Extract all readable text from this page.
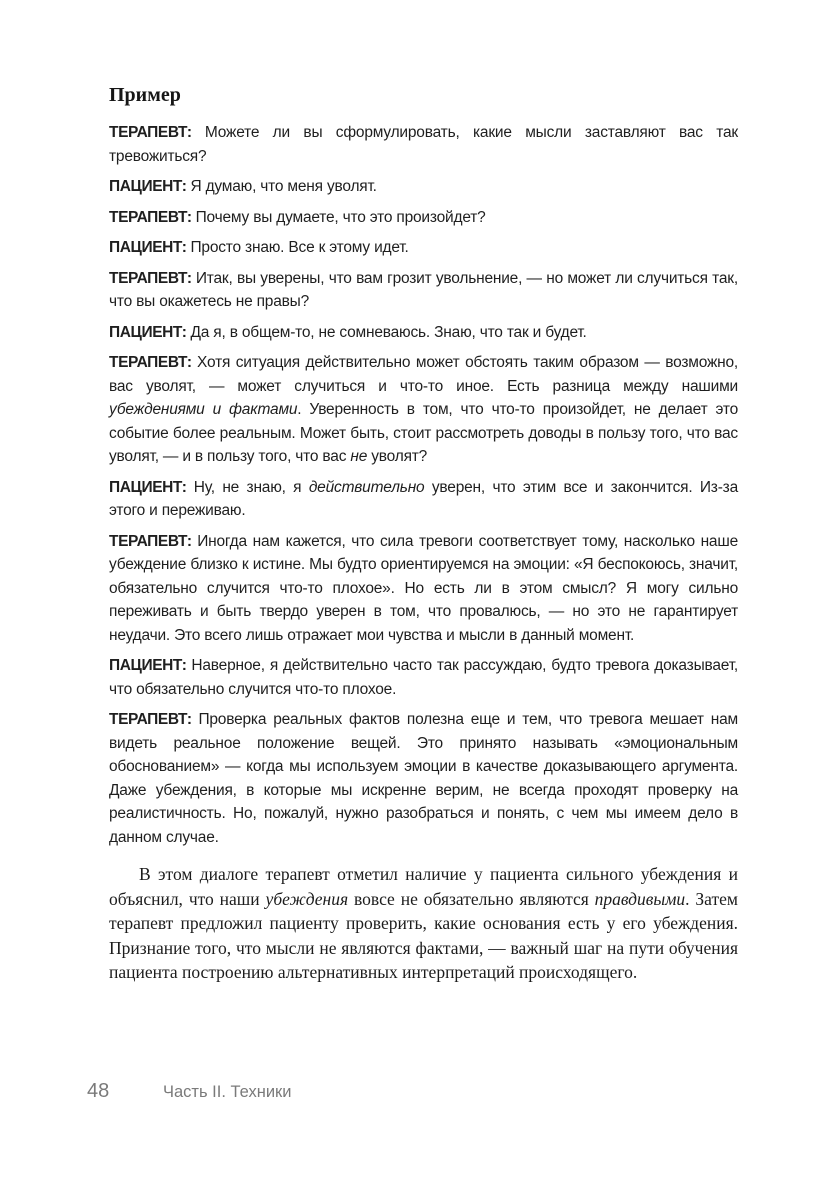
Пример

ТЕРАПЕВТ: Можете ли вы сформулировать, какие мысли заставляют вас так тревожиться?

ПАЦИЕНТ: Я думаю, что меня уволят.

ТЕРАПЕВТ: Почему вы думаете, что это произойдет?

ПАЦИЕНТ: Просто знаю. Все к этому идет.

ТЕРАПЕВТ: Итак, вы уверены, что вам грозит увольнение, — но может ли случиться так, что вы окажетесь не правы?

ПАЦИЕНТ: Да я, в общем-то, не сомневаюсь. Знаю, что так и будет.

ТЕРАПЕВТ: Хотя ситуация действительно может обстоять таким образом — возможно, вас уволят, — может случиться и что-то иное. Есть разница между нашими убеждениями и фактами. Уверенность в том, что что-то произойдет, не делает это событие более реальным. Может быть, стоит рассмотреть доводы в пользу того, что вас уволят, — и в пользу того, что вас не уволят?

ПАЦИЕНТ: Ну, не знаю, я действительно уверен, что этим все и закончится. Из-за этого и переживаю.

ТЕРАПЕВТ: Иногда нам кажется, что сила тревоги соответствует тому, насколько наше убеждение близко к истине. Мы будто ориентируемся на эмоции: «Я беспокоюсь, значит, обязательно случится что-то плохое». Но есть ли в этом смысл? Я могу сильно переживать и быть твердо уверен в том, что провалюсь, — но это не гарантирует неудачи. Это всего лишь отражает мои чувства и мысли в данный момент.

ПАЦИЕНТ: Наверное, я действительно часто так рассуждаю, будто тревога доказывает, что обязательно случится что-то плохое.

ТЕРАПЕВТ: Проверка реальных фактов полезна еще и тем, что тревога мешает нам видеть реальное положение вещей. Это принято называть «эмоциональным обоснованием» — когда мы используем эмоции в качестве доказывающего аргумента. Даже убеждения, в которые мы искренне верим, не всегда проходят проверку на реалистичность. Но, пожалуй, нужно разобраться и понять, с чем мы имеем дело в данном случае.

В этом диалоге терапевт отметил наличие у пациента сильного убеждения и объяснил, что наши убеждения вовсе не обязательно являются правдивыми. Затем терапевт предложил пациенту проверить, какие основания есть у его убеждения. Признание того, что мысли не являются фактами, — важный шаг на пути обучения пациента построению альтернативных интерпретаций происходящего.

48	Часть II. Техники
